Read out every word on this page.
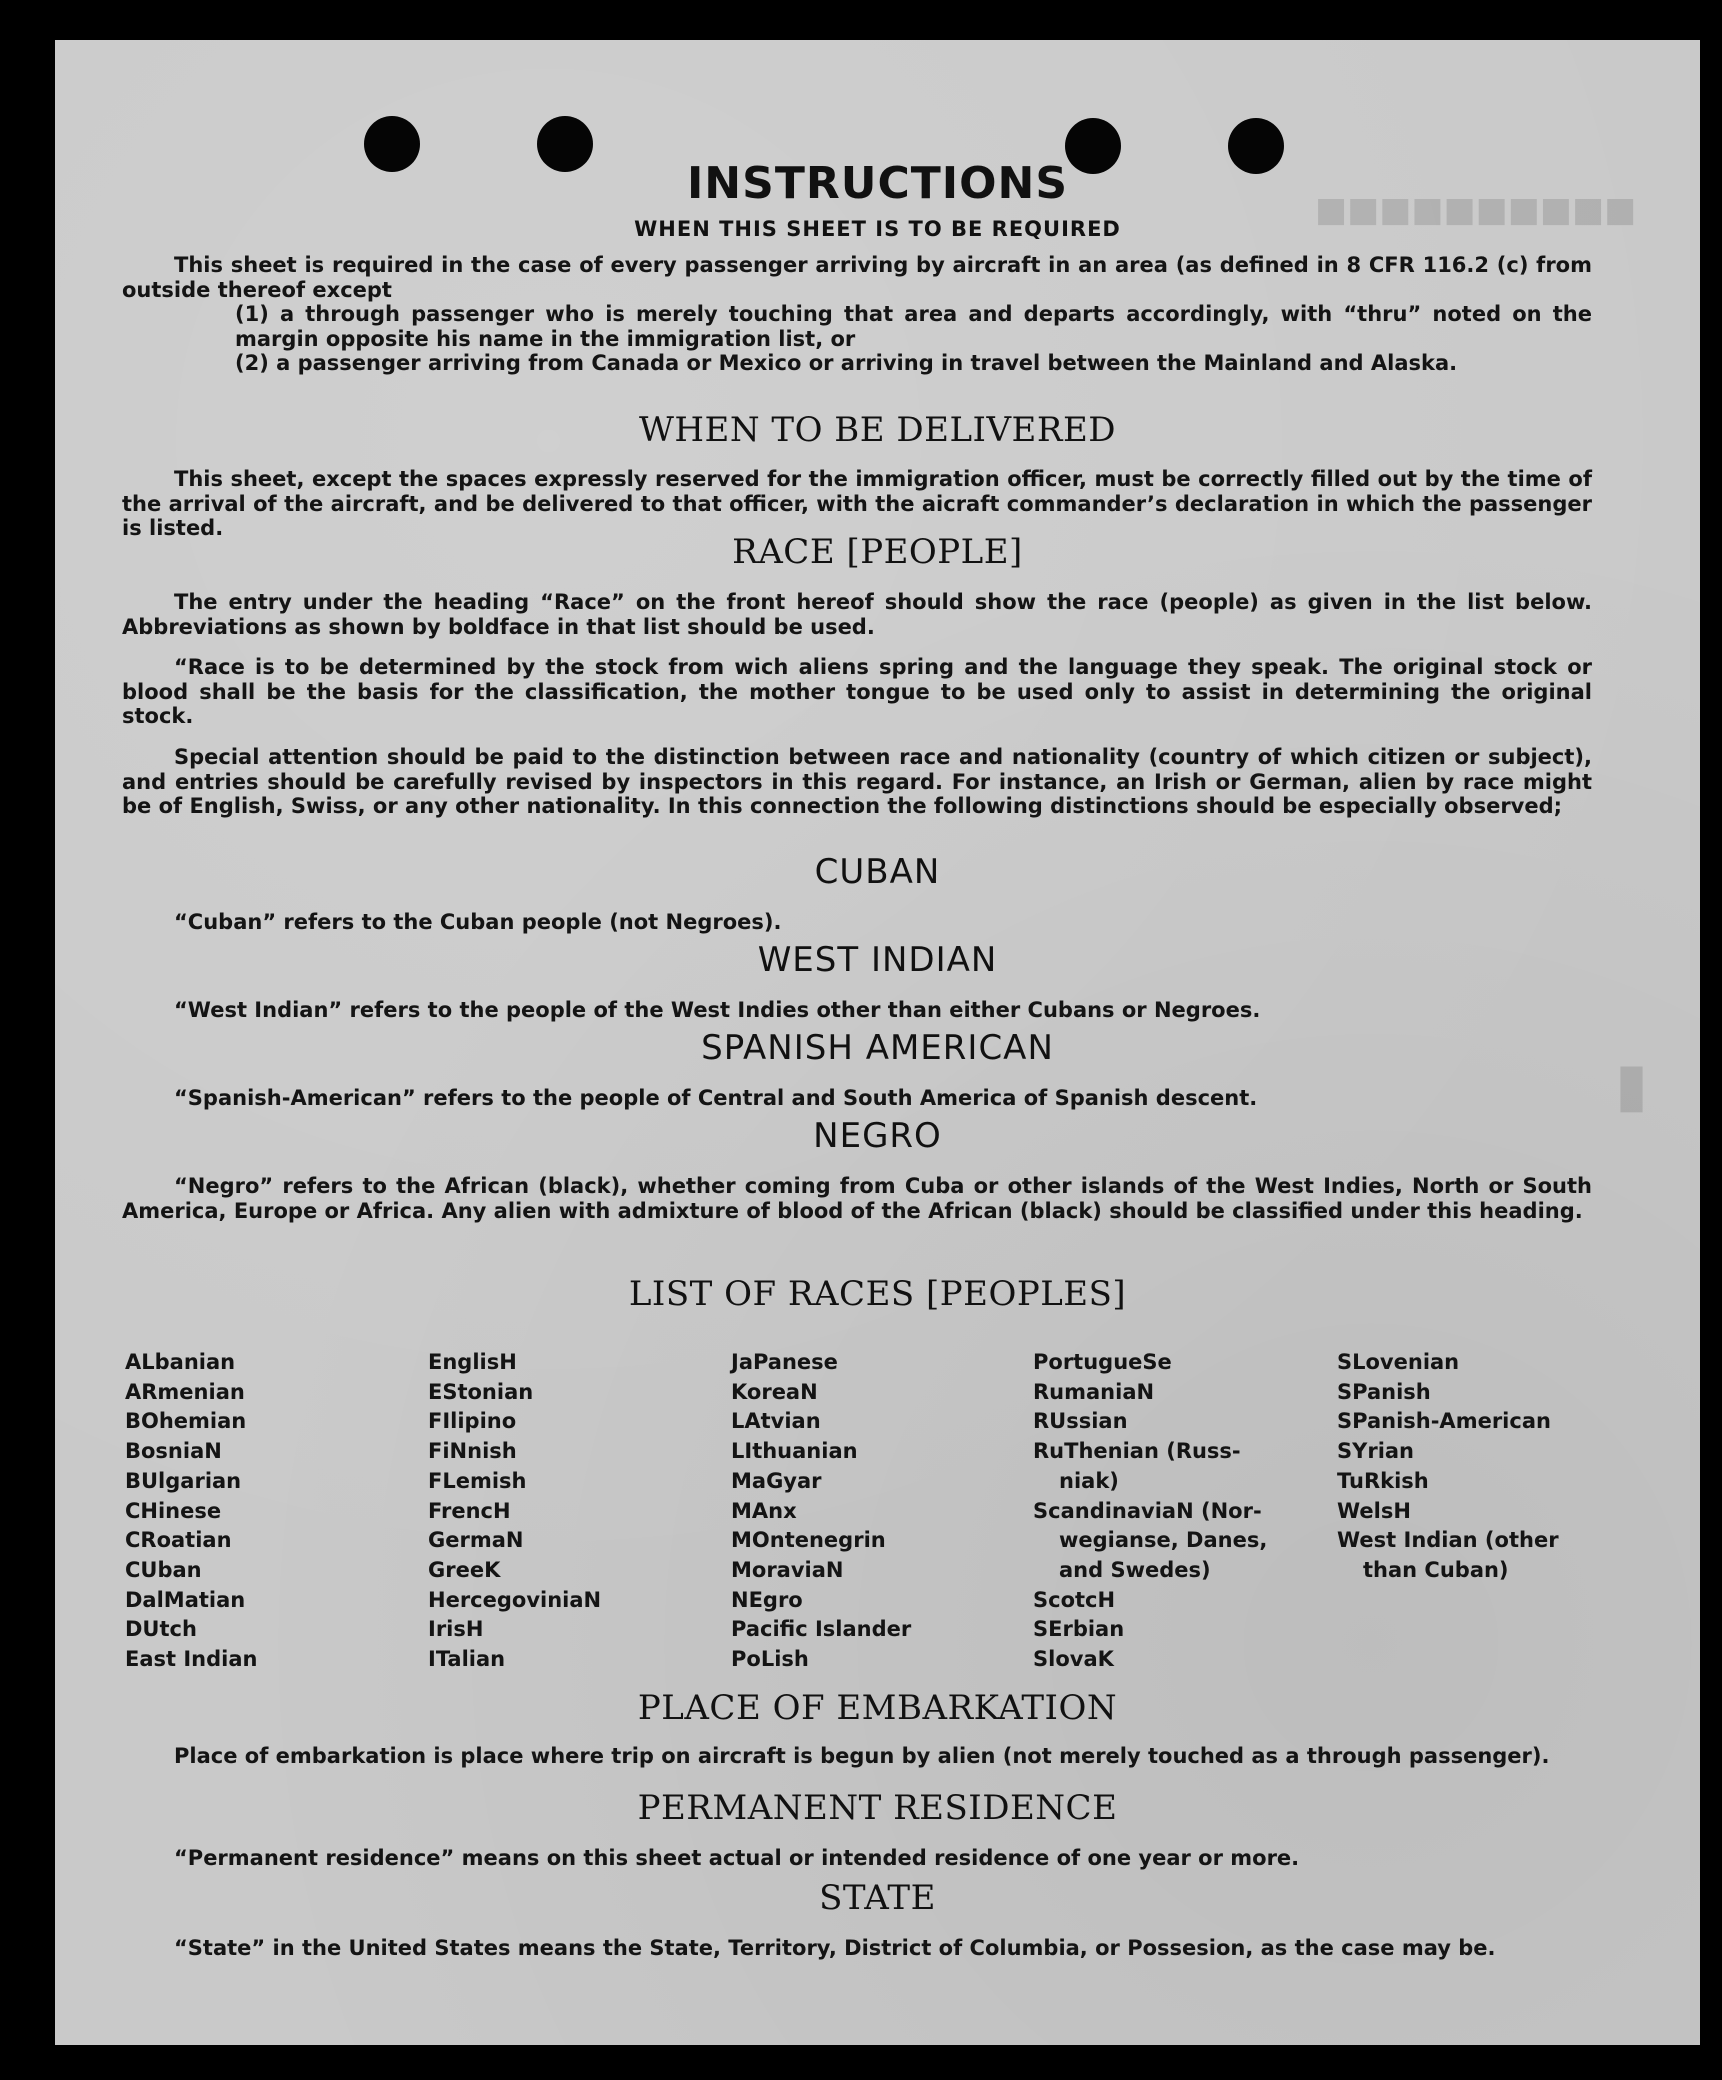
■■■■■■■■■■
▮
INSTRUCTIONS
WHEN THIS SHEET IS TO BE REQUIRED
This sheet is required in the case of every passenger arriving by aircraft in an area (as defined in 8 CFR 116.2 (c) from outside thereof except
(1) a through passenger who is merely touching that area and departs accordingly, with “thru” noted on the margin opposite his name in the immigration list, or
(2) a passenger arriving from Canada or Mexico or arriving in travel between the Mainland and Alaska.
WHEN TO BE DELIVERED
This sheet, except the spaces expressly reserved for the immigration officer, must be correctly filled out by the time of the arrival of the aircraft, and be delivered to that officer, with the aicraft commander’s declaration in which the passenger is listed.
RACE [PEOPLE]
The entry under the heading “Race” on the front hereof should show the race (people) as given in the list below. Abbreviations as shown by boldface in that list should be used.
“Race is to be determined by the stock from wich aliens spring and the language they speak. The original stock or blood shall be the basis for the classification, the mother tongue to be used only to assist in determining the original stock.
Special attention should be paid to the distinction between race and nationality (country of which citizen or subject), and entries should be carefully revised by inspectors in this regard. For instance, an Irish or German, alien by race might be of English, Swiss, or any other nationality. In this connection the following distinctions should be especially observed;
CUBAN
“Cuban” refers to the Cuban people (not Negroes).
WEST INDIAN
“West Indian” refers to the people of the West Indies other than either Cubans or Negroes.
SPANISH AMERICAN
“Spanish-American” refers to the people of Central and South America of Spanish descent.
NEGRO
“Negro” refers to the African (black), whether coming from Cuba or other islands of the West Indies, North or South America, Europe or Africa. Any alien with admixture of blood of the African (black) should be classified under this heading.
LIST OF RACES [PEOPLES]
ALbanian
ARmenian
BOhemian
BosniaN
BUlgarian
CHinese
CRoatian
CUban
DalMatian
DUtch
East Indian
EnglisH
EStonian
FIlipino
FiNnish
FLemish
FrencH
GermaN
GreeK
HercegoviniaN
IrisH
ITalian
JaPanese
KoreaN
LAtvian
LIthuanian
MaGyar
MAnx
MOntenegrin
MoraviaN
NEgro
Pacific Islander
PoLish
PortugueSe
RumaniaN
RUssian
RuThenian (Russ-
niak)
ScandinaviaN (Nor-
wegianse, Danes,
and Swedes)
ScotcH
SErbian
SlovaK
SLovenian
SPanish
SPanish-American
SYrian
TuRkish
WelsH
West Indian (other
than Cuban)
PLACE OF EMBARKATION
Place of embarkation is place where trip on aircraft is begun by alien (not merely touched as a through passenger).
PERMANENT RESIDENCE
“Permanent residence” means on this sheet actual or intended residence of one year or more.
STATE
“State” in the United States means the State, Territory, District of Columbia, or Possesion, as the case may be.
